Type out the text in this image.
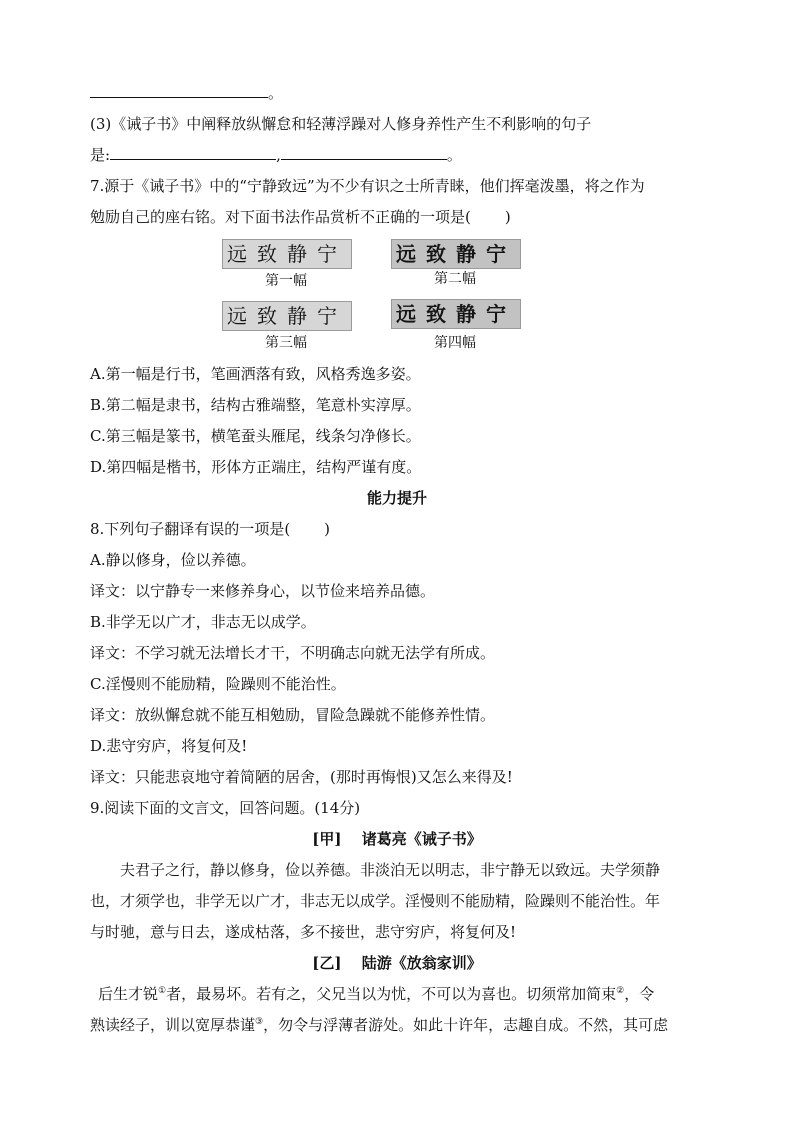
。
(3)《诫子书》中阐释放纵懈怠和轻薄浮躁对人修身养性产生不利影响的句子
是:	,	。
7.源于《诫子书》中的“宁静致远”为不少有识之士所青睐，他们挥毫泼墨，将之作为
勉励自己的座右铭。对下面书法作品赏析不正确的一项是( )
远致静宁
第一幅
远致静宁
第二幅
远致静宁
第三幅
远致静宁
第四幅
A.第一幅是行书，笔画洒落有致，风格秀逸多姿。
B.第二幅是隶书，结构古雅端整，笔意朴实淳厚。
C.第三幅是篆书，横笔蚕头雁尾，线条匀净修长。
D.第四幅是楷书，形体方正端庄，结构严谨有度。
能力提升
8.下列句子翻译有误的一项是( )
A.静以修身，俭以养德。
译文：以宁静专一来修养身心，以节俭来培养品德。
B.非学无以广才，非志无以成学。
译文：不学习就无法增长才干，不明确志向就无法学有所成。
C.淫慢则不能励精，险躁则不能治性。
译文：放纵懈怠就不能互相勉励，冒险急躁就不能修养性情。
D.悲守穷庐，将复何及!
译文：只能悲哀地守着简陋的居舍，(那时再悔恨)又怎么来得及!
9.阅读下面的文言文，回答问题。(14分)
[甲]　 诸葛亮《诫子书》
夫君子之行，静以修身，俭以养德。非淡泊无以明志，非宁静无以致远。夫学须静
也，才须学也，非学无以广才，非志无以成学。淫慢则不能励精，险躁则不能治性。年
与时驰，意与日去，遂成枯落，多不接世，悲守穷庐，将复何及!
[乙]　 陆游《放翁家训》
后生才锐①者，最易坏。若有之，父兄当以为忧，不可以为喜也。切须常加简束②，令
熟读经子，训以宽厚恭谨③，勿令与浮薄者游处。如此十许年，志趣自成。不然，其可虑
